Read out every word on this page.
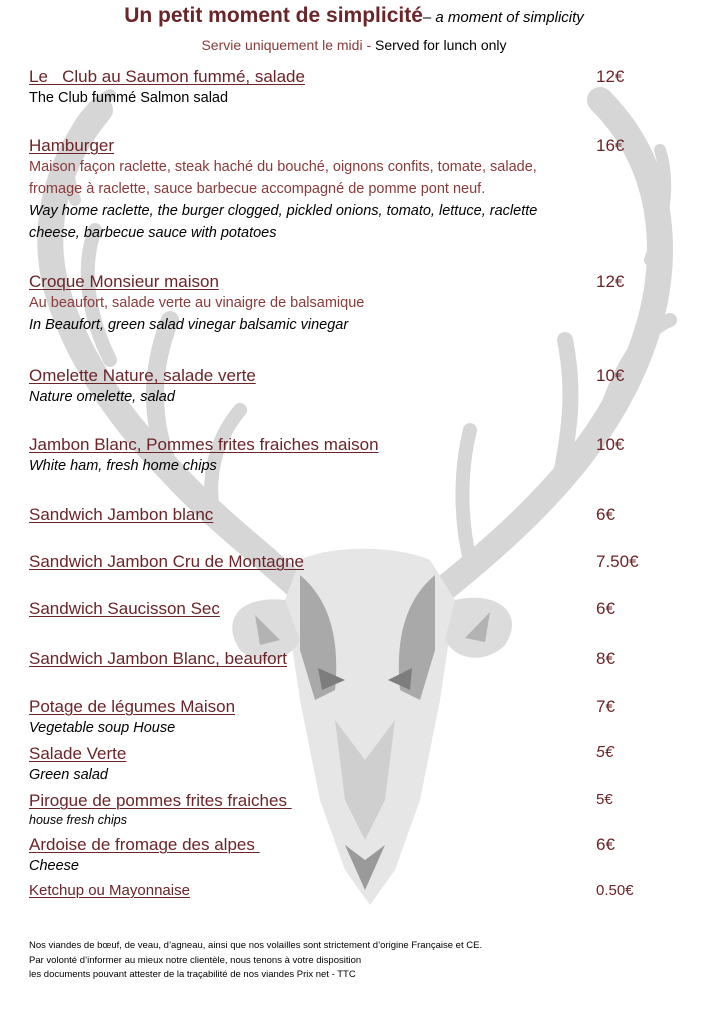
Un petit moment de simplicité– a moment of simplicity
Servie uniquement le midi - Served for lunch only
Le   Club au Saumon fummé, salade	12€
The Club fummé Salmon salad
Hamburger	16€
Maison façon raclette, steak haché du bouché, oignons confits, tomate, salade,
fromage à raclette, sauce barbecue accompagné de pomme pont neuf.
Way home raclette, the burger clogged, pickled onions, tomato, lettuce, raclette
cheese, barbecue sauce with potatoes
Croque Monsieur maison	12€
Au beaufort, salade verte au vinaigre de balsamique
In Beaufort, green salad vinegar balsamic vinegar
Omelette Nature, salade verte	10€
Nature omelette, salad
Jambon Blanc, Pommes frites fraiches maison	10€
White ham, fresh home chips
Sandwich Jambon blanc	6€
Sandwich Jambon Cru de Montagne	7.50€
Sandwich Saucisson Sec	6€
Sandwich Jambon Blanc, beaufort	8€
Potage de légumes Maison	7€
Vegetable soup House
Salade Verte	5€
Green salad
Pirogue de pommes frites fraiches	5€
house fresh chips
Ardoise de fromage des alpes	6€
Cheese
Ketchup ou Mayonnaise	0.50€
Nos viandes de bœuf, de veau, d’agneau, ainsi que nos volailles sont strictement d’origine Française et CE.
Par volonté d’informer au mieux notre clientèle, nous tenons à votre disposition
les documents pouvant attester de la traçabilité de nos viandes Prix net - TTC
